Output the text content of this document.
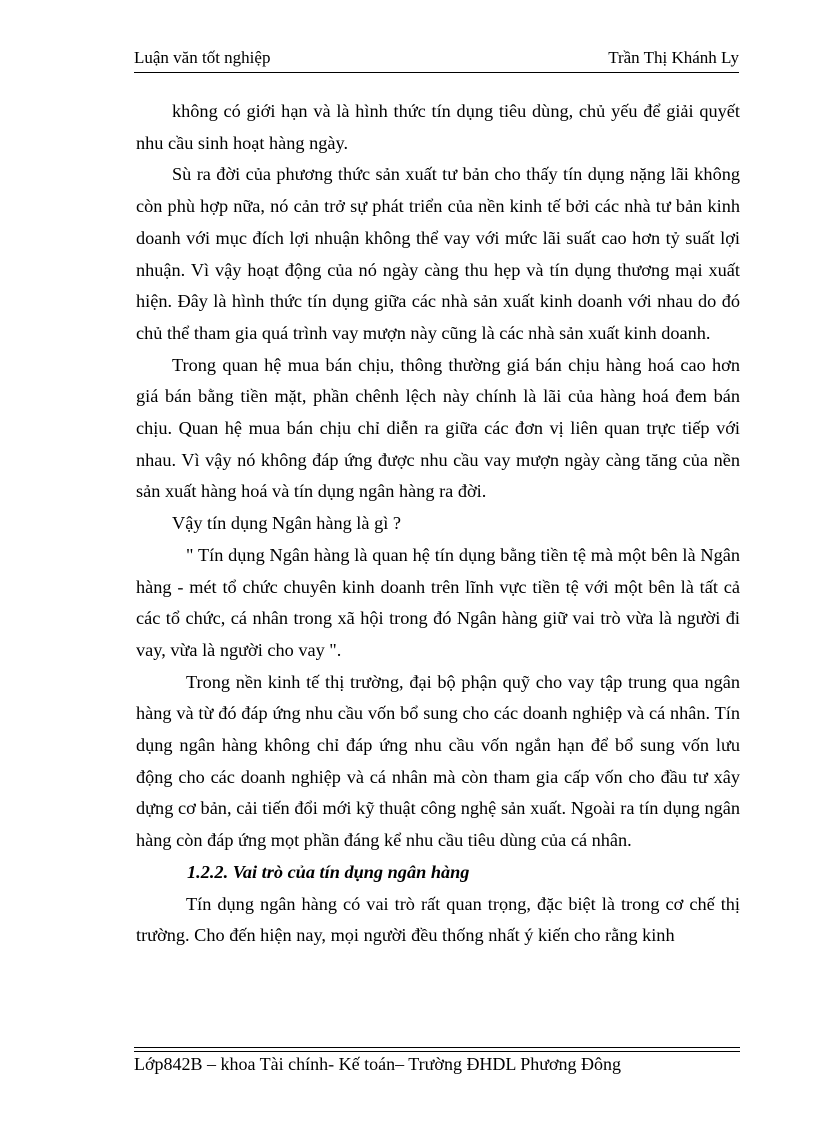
Luận văn tốt nghiệp	Trần Thị Khánh Ly

không có giới hạn và là hình thức tín dụng tiêu dùng, chủ yếu để giải quyết nhu cầu sinh hoạt hàng ngày.

Sù ra đời của phương thức sản xuất tư bản cho thấy tín dụng nặng lãi không còn phù hợp nữa, nó cản trở sự phát triển của nền kinh tế bởi các nhà tư bản kinh doanh với mục đích lợi nhuận không thể vay với mức lãi suất cao hơn tỷ suất lợi nhuận. Vì vậy hoạt động của nó ngày càng thu hẹp và tín dụng thương mại xuất hiện. Đây là hình thức tín dụng giữa các nhà sản xuất kinh doanh với nhau do đó chủ thể tham gia quá trình vay mượn này cũng là các nhà sản xuất kinh doanh.

Trong quan hệ mua bán chịu, thông thường giá bán chịu hàng hoá cao hơn giá bán bằng tiền mặt, phần chênh lệch này chính là lãi của hàng hoá đem bán chịu. Quan hệ mua bán chịu chỉ diễn ra giữa các đơn vị liên quan trực tiếp với nhau. Vì vậy nó không đáp ứng được nhu cầu vay mượn ngày càng tăng của nền sản xuất hàng hoá và tín dụng ngân hàng ra đời.

Vậy tín dụng Ngân hàng là gì ?

" Tín dụng Ngân hàng là quan hệ tín dụng bằng tiền tệ mà một bên là Ngân hàng - mét tổ chức chuyên kinh doanh trên lĩnh vực tiền tệ với một bên là tất cả các tổ chức, cá nhân trong xã hội trong đó Ngân hàng giữ vai trò vừa là người đi vay, vừa là người cho vay ".

Trong nền kinh tế thị trường, đại bộ phận quỹ cho vay tập trung qua ngân hàng và từ đó đáp ứng nhu cầu vốn bổ sung cho các doanh nghiệp và cá nhân. Tín dụng ngân hàng không chỉ đáp ứng nhu cầu vốn ngắn hạn để bổ sung vốn lưu động cho các doanh nghiệp và cá nhân mà còn tham gia cấp vốn cho đầu tư xây dựng cơ bản, cải tiến đổi mới kỹ thuật công nghệ sản xuất. Ngoài ra tín dụng ngân hàng còn đáp ứng mọt phần đáng kể nhu cầu tiêu dùng của cá nhân.

1.2.2. Vai trò của tín dụng ngân hàng

Tín dụng ngân hàng có vai trò rất quan trọng, đặc biệt là trong cơ chế thị trường. Cho đến hiện nay, mọi người đều thống nhất ý kiến cho rằng kinh

Lớp842B – khoa Tài chính- Kế toán– Trường ĐHDL Phương Đông
